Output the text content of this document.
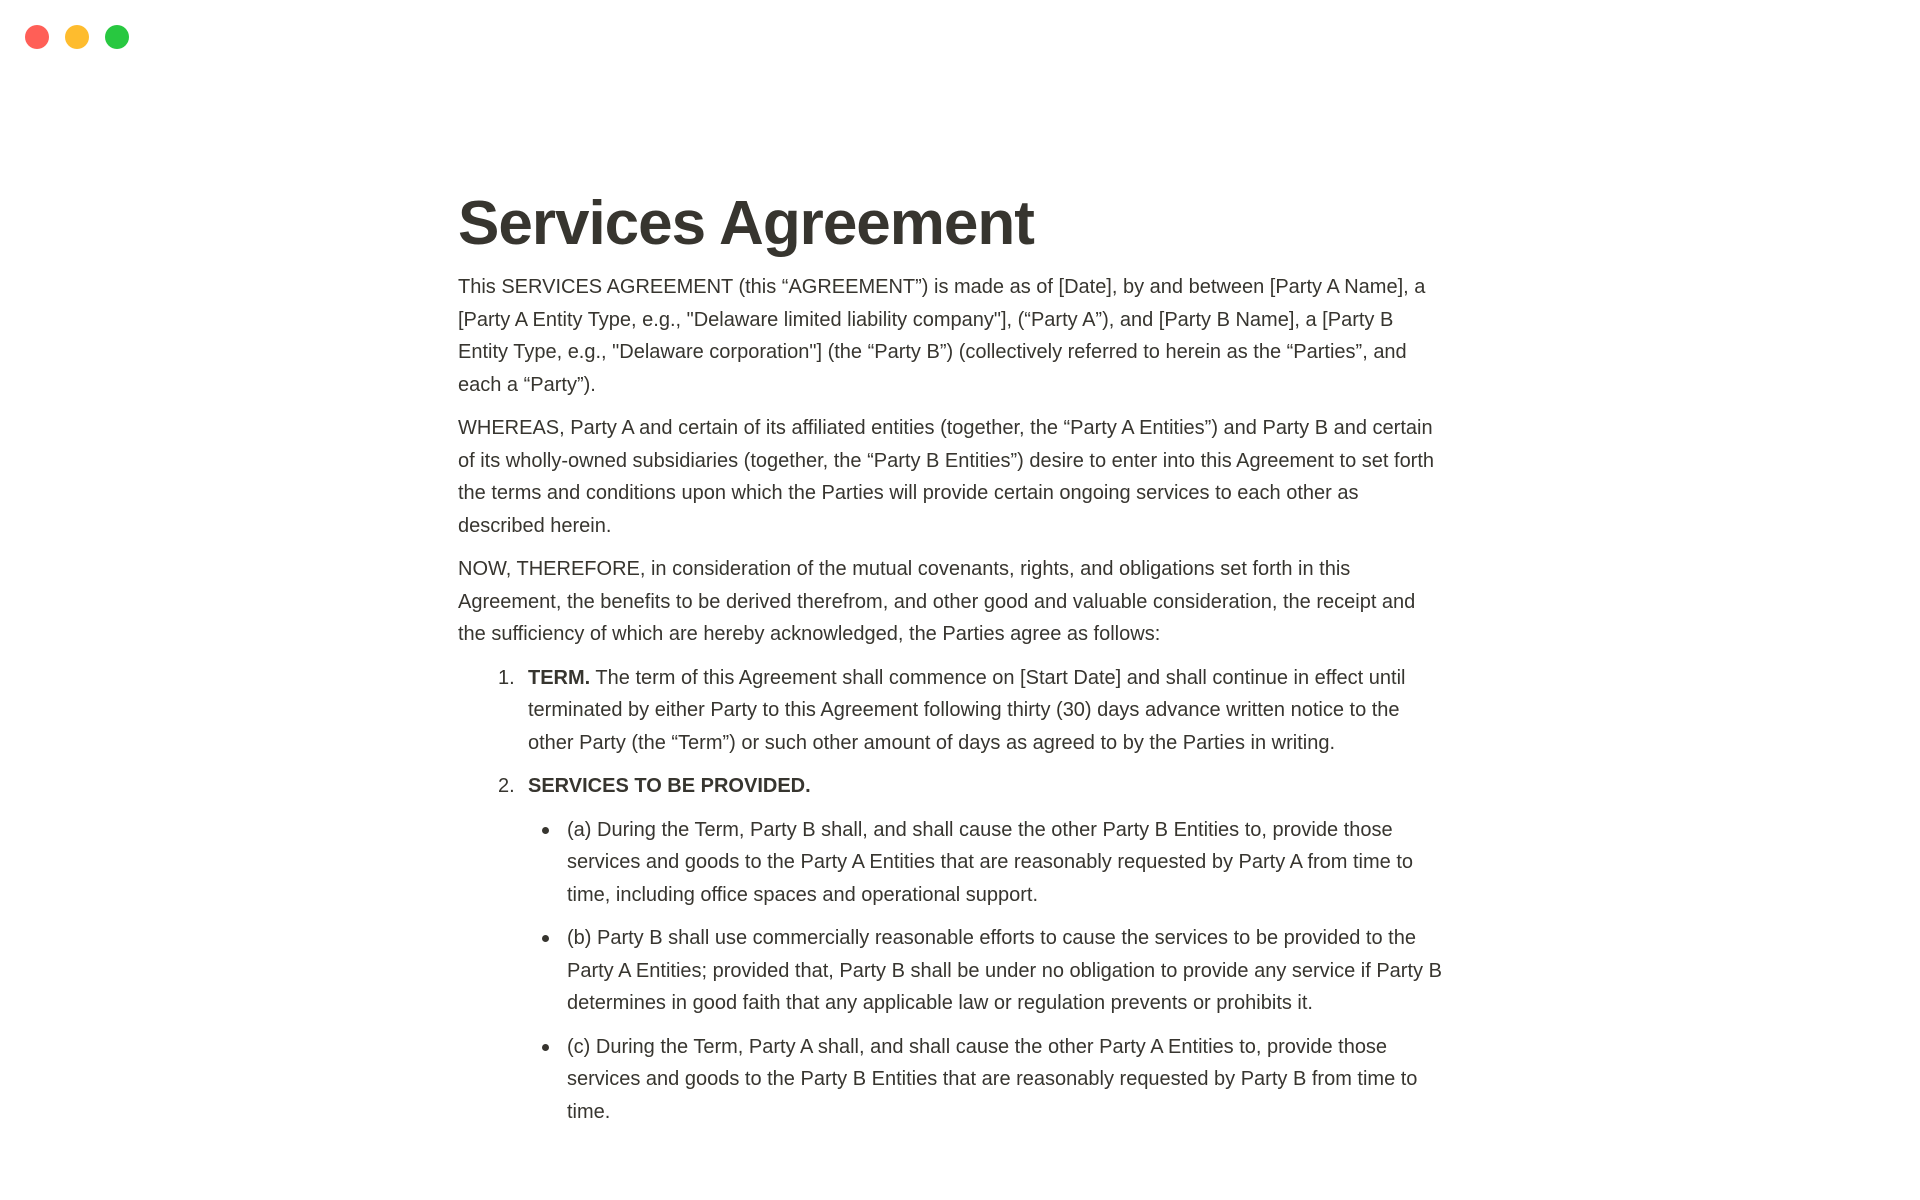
Services Agreement

This SERVICES AGREEMENT (this “AGREEMENT”) is made as of [Date], by and between [Party A Name], a [Party A Entity Type, e.g., "Delaware limited liability company"], (“Party A”), and [Party B Name], a [Party B Entity Type, e.g., "Delaware corporation"] (the “Party B”) (collectively referred to herein as the “Parties”, and each a “Party”).

WHEREAS, Party A and certain of its affiliated entities (together, the “Party A Entities”) and Party B and certain of its wholly-owned subsidiaries (together, the “Party B Entities”) desire to enter into this Agreement to set forth the terms and conditions upon which the Parties will provide certain ongoing services to each other as described herein.

NOW, THEREFORE, in consideration of the mutual covenants, rights, and obligations set forth in this Agreement, the benefits to be derived therefrom, and other good and valuable consideration, the receipt and the sufficiency of which are hereby acknowledged, the Parties agree as follows:

1. TERM. The term of this Agreement shall commence on [Start Date] and shall continue in effect until terminated by either Party to this Agreement following thirty (30) days advance written notice to the other Party (the “Term”) or such other amount of days as agreed to by the Parties in writing.
2. SERVICES TO BE PROVIDED.
(a) During the Term, Party B shall, and shall cause the other Party B Entities to, provide those services and goods to the Party A Entities that are reasonably requested by Party A from time to time, including office spaces and operational support.
(b) Party B shall use commercially reasonable efforts to cause the services to be provided to the Party A Entities; provided that, Party B shall be under no obligation to provide any service if Party B determines in good faith that any applicable law or regulation prevents or prohibits it.
(c) During the Term, Party A shall, and shall cause the other Party A Entities to, provide those services and goods to the Party B Entities that are reasonably requested by Party B from time to time.
